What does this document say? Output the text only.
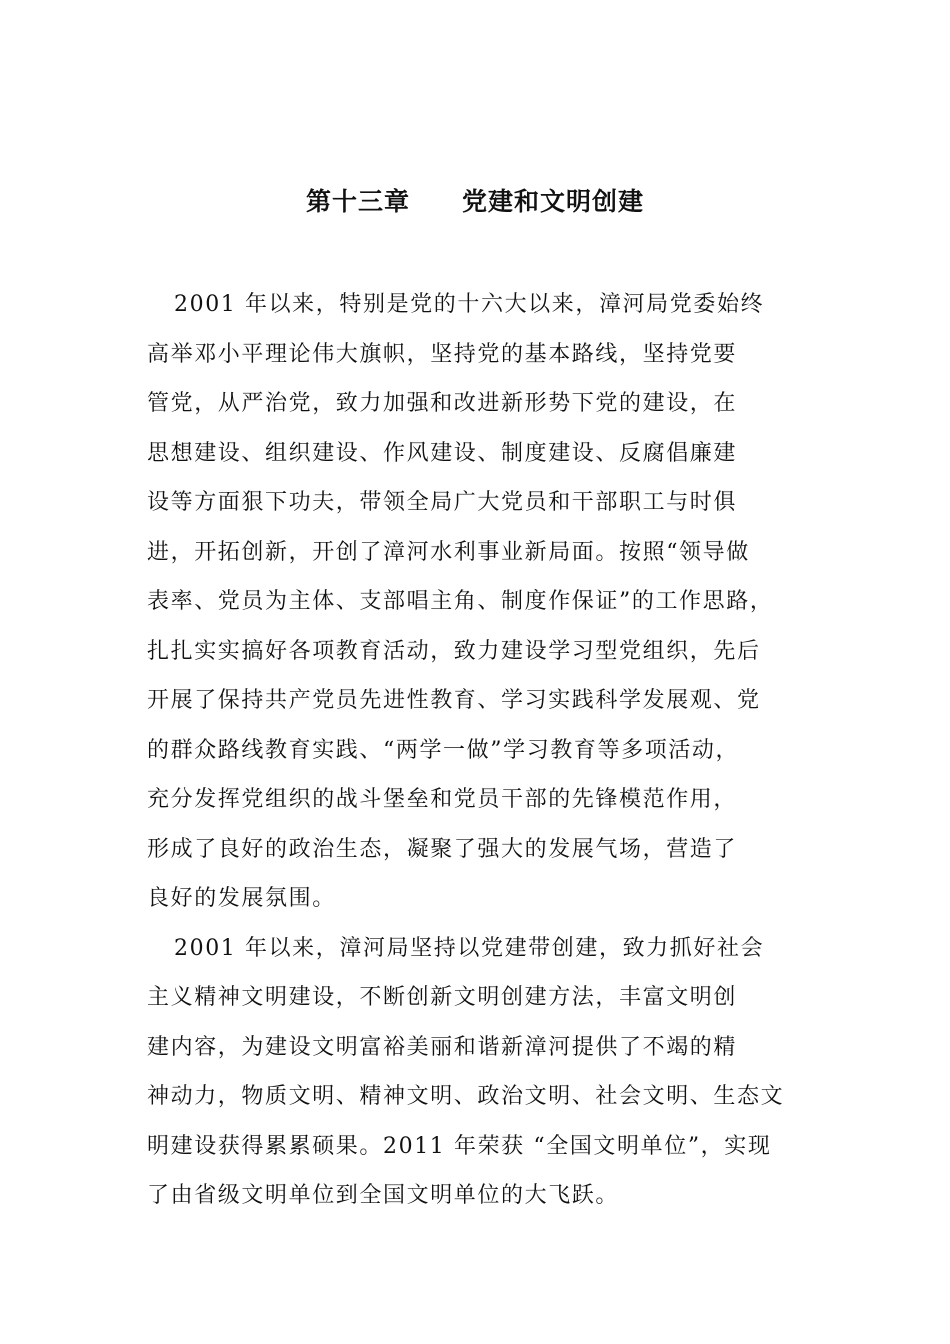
第十三章　　党建和文明创建
2001 年以来，特别是党的十六大以来，漳河局党委始终
高举邓小平理论伟大旗帜，坚持党的基本路线，坚持党要
管党，从严治党，致力加强和改进新形势下党的建设，在
思想建设、组织建设、作风建设、制度建设、反腐倡廉建
设等方面狠下功夫，带领全局广大党员和干部职工与时俱
进，开拓创新，开创了漳河水利事业新局面。按照“领导做
表率、党员为主体、支部唱主角、制度作保证”的工作思路，
扎扎实实搞好各项教育活动，致力建设学习型党组织，先后
开展了保持共产党员先进性教育、学习实践科学发展观、党
的群众路线教育实践、“两学一做”学习教育等多项活动，
充分发挥党组织的战斗堡垒和党员干部的先锋模范作用，
形成了良好的政治生态，凝聚了强大的发展气场，营造了
良好的发展氛围。
2001 年以来，漳河局坚持以党建带创建，致力抓好社会
主义精神文明建设，不断创新文明创建方法，丰富文明创
建内容，为建设文明富裕美丽和谐新漳河提供了不竭的精
神动力，物质文明、精神文明、政治文明、社会文明、生态文
明建设获得累累硕果。2011 年荣获 “全国文明单位”，实现
了由省级文明单位到全国文明单位的大飞跃。
